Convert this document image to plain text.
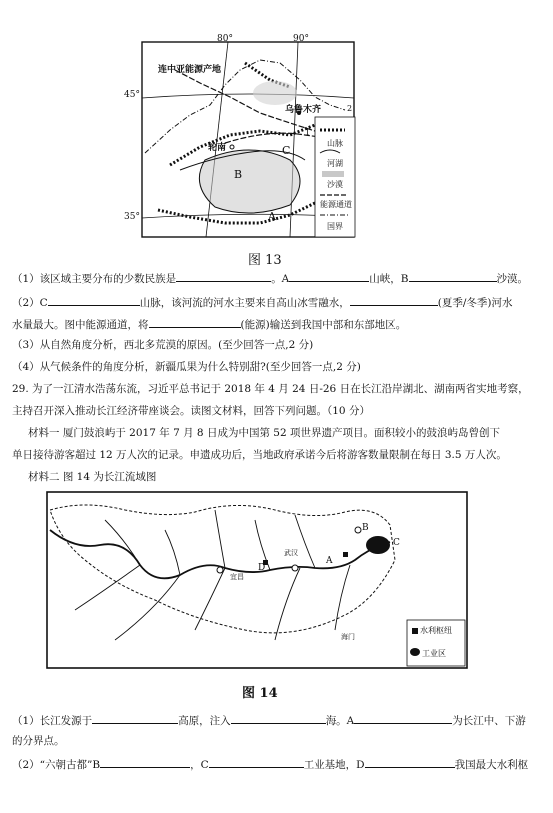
80°	90°
45°
35°
连中亚能源产地
乌鲁木齐
轮南
A
B
C
1
2
山脉
河湖
沙漠
能源通道
国界
图 13
（1）该区域主要分布的少数民族是	。A	山峡，B	沙漠。
（2）C	山脉，该河流的河水主要来自高山冰雪融水，	(夏季/冬季)河水
水量最大。图中能源通道，将	(能源)输送到我国中部和东部地区。
（3）从自然角度分析，西北多荒漠的原因。(至少回答一点,2 分)
（4）从气候条件的角度分析，新疆瓜果为什么特别甜?(至少回答一点,2 分)
29. 为了一江清水浩荡东流，习近平总书记于 2018 年 4 月 24 日-26 日在长江沿岸湖北、湖南两省实地考察，
主持召开深入推动长江经济带座谈会。读图文材料，回答下列问题。（10 分）
材料一 厦门鼓浪屿于 2017 年 7 月 8 日成为中国第 52 项世界遗产项目。面积较小的鼓浪屿岛曾创下
单日接待游客超过 12 万人次的记录。申遗成功后，当地政府承诺今后将游客数量限制在每日 3.5 万人次。
材料二 图 14 为长江流域图
A
B
C
D
宜昌
武汉
海门
水利枢纽
工业区
图 14
（1）长江发源于	高原，注入	海。A	为长江中、下游
的分界点。
（2）“六朝古都”B	，C	工业基地，D	我国最大水利枢
